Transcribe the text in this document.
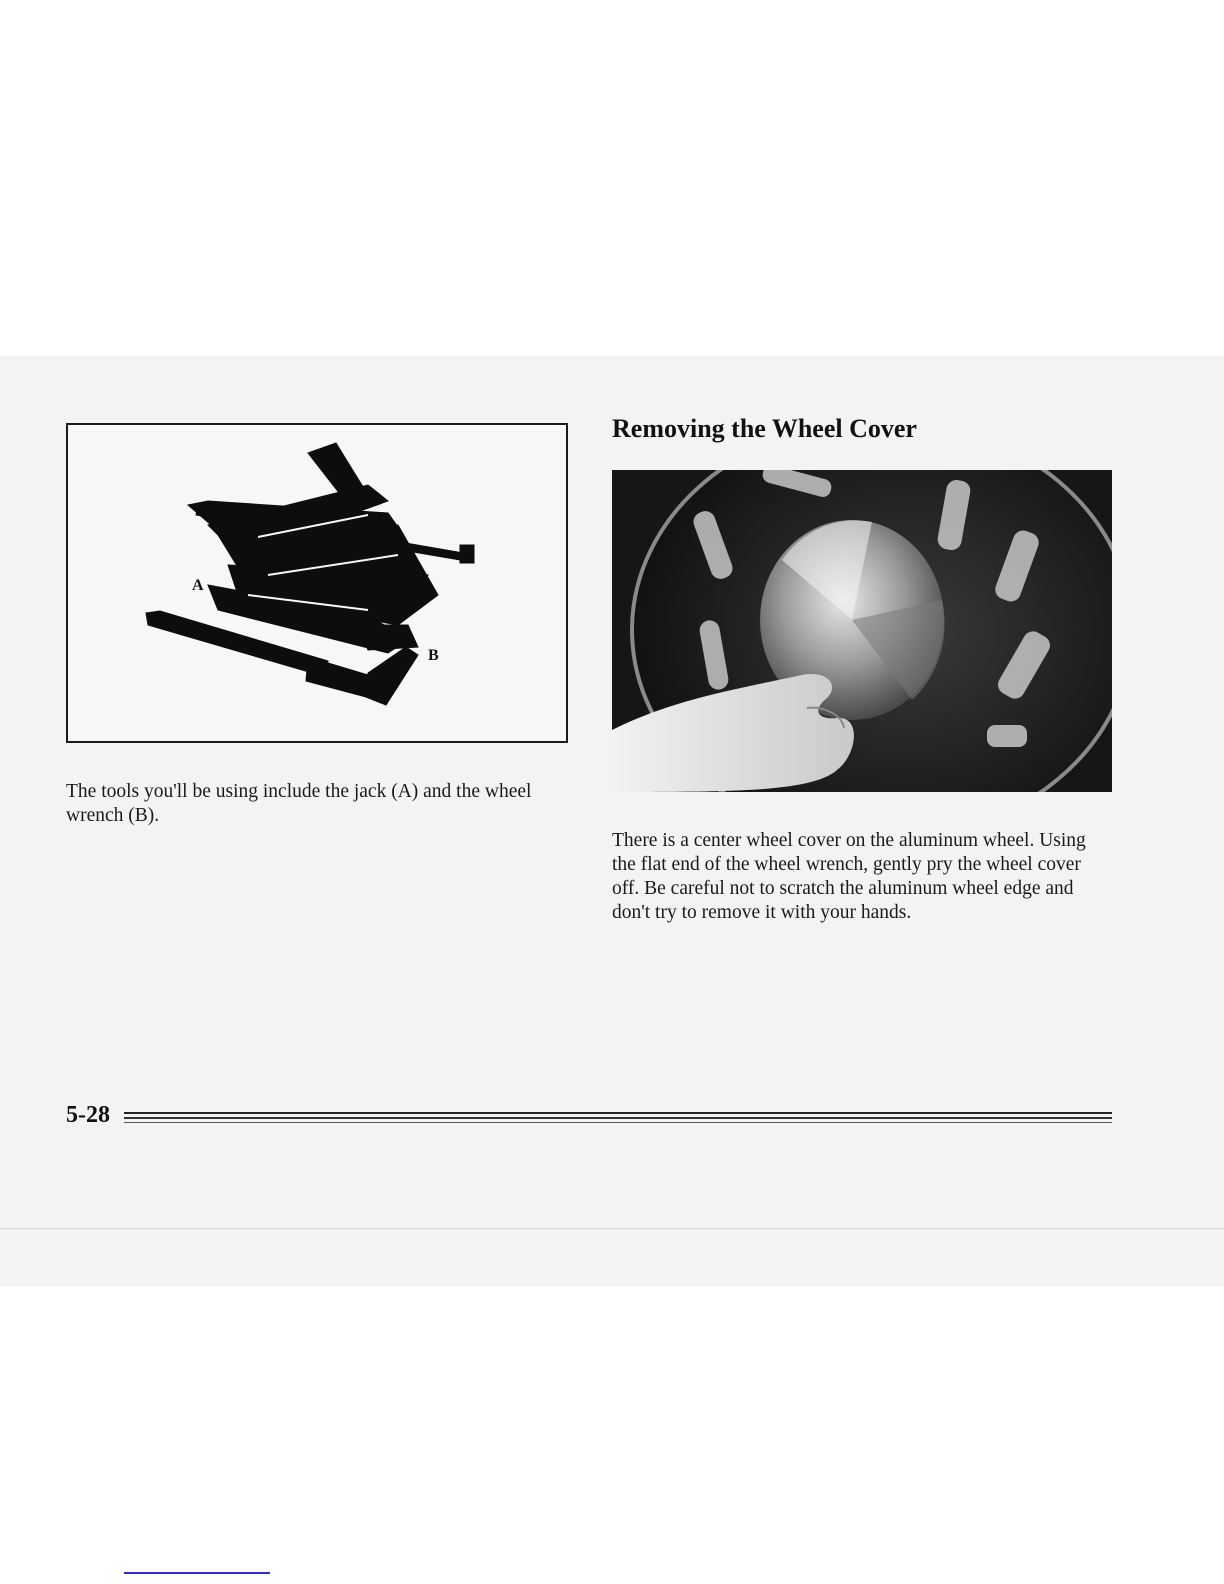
A
B
The tools you'll be using include the jack (A) and the wheel wrench (B).
Removing the Wheel Cover
There is a center wheel cover on the aluminum wheel. Using the flat end of the wheel wrench, gently pry the wheel cover off. Be careful not to scratch the aluminum wheel edge and don't try to remove it with your hands.
5-28
